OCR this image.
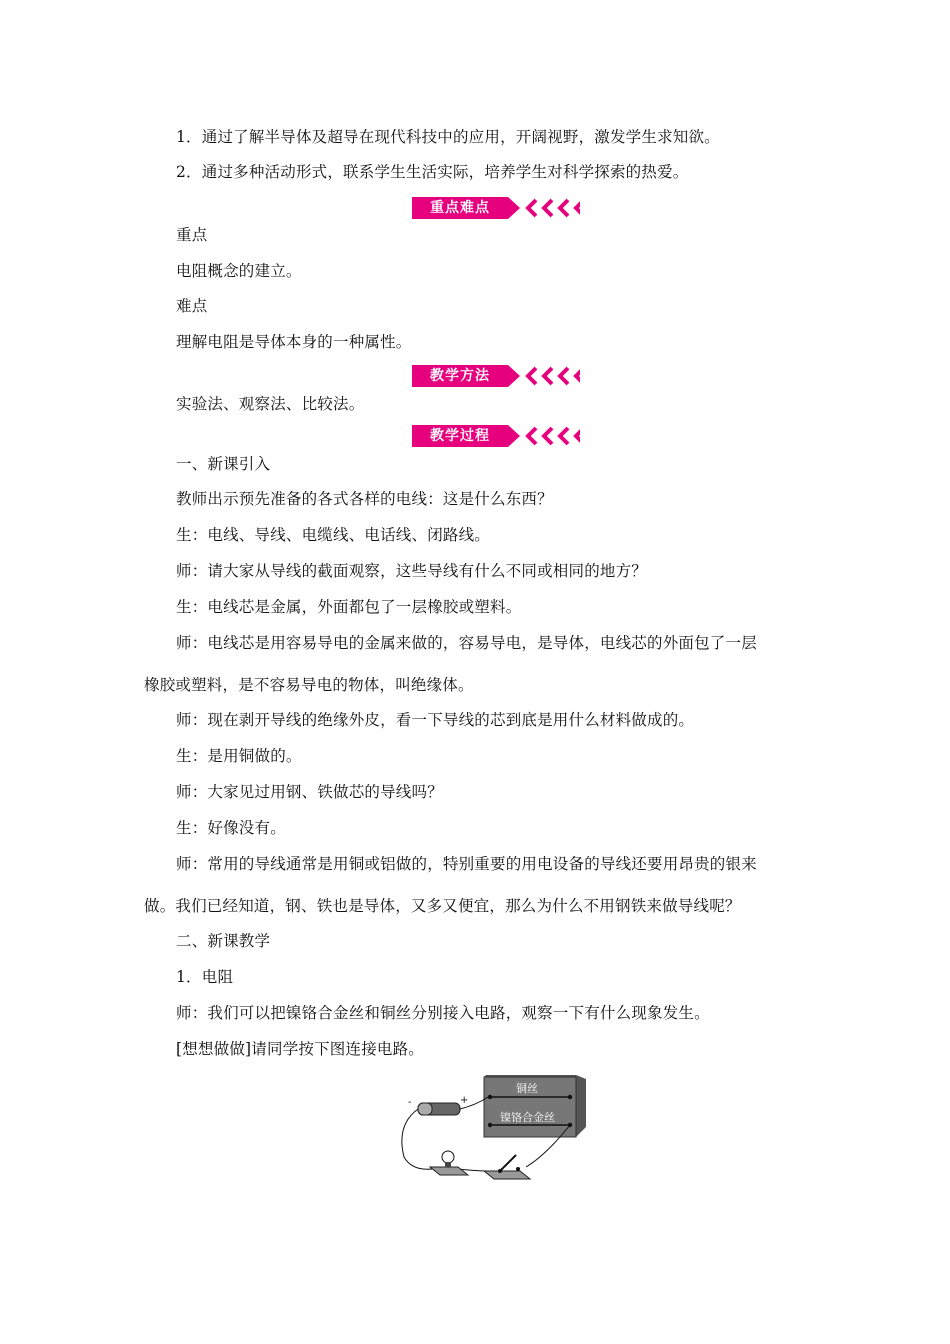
1．通过了解半导体及超导在现代科技中的应用，开阔视野，激发学生求知欲。
2．通过多种活动形式，联系学生生活实际，培养学生对科学探索的热爱。
重点难点
重点
电阻概念的建立。
难点
理解电阻是导体本身的一种属性。
教学方法
实验法、观察法、比较法。
教学过程
一、新课引入
教师出示预先准备的各式各样的电线：这是什么东西？
生：电线、导线、电缆线、电话线、闭路线。
师：请大家从导线的截面观察，这些导线有什么不同或相同的地方？
生：电线芯是金属，外面都包了一层橡胶或塑料。
师：电线芯是用容易导电的金属来做的，容易导电，是导体，电线芯的外面包了一层
橡胶或塑料，是不容易导电的物体，叫绝缘体。
师：现在剥开导线的绝缘外皮，看一下导线的芯到底是用什么材料做成的。
生：是用铜做的。
师：大家见过用钢、铁做芯的导线吗？
生：好像没有。
师：常用的导线通常是用铜或铝做的，特别重要的用电设备的导线还要用昂贵的银来
做。我们已经知道，钢、铁也是导体，又多又便宜，那么为什么不用钢铁来做导线呢？
二、新课教学
1．电阻
师：我们可以把镍铬合金丝和铜丝分别接入电路，观察一下有什么现象发生。
[想想做做]请同学按下图连接电路。
铜丝
镍铬合金丝
-	+
